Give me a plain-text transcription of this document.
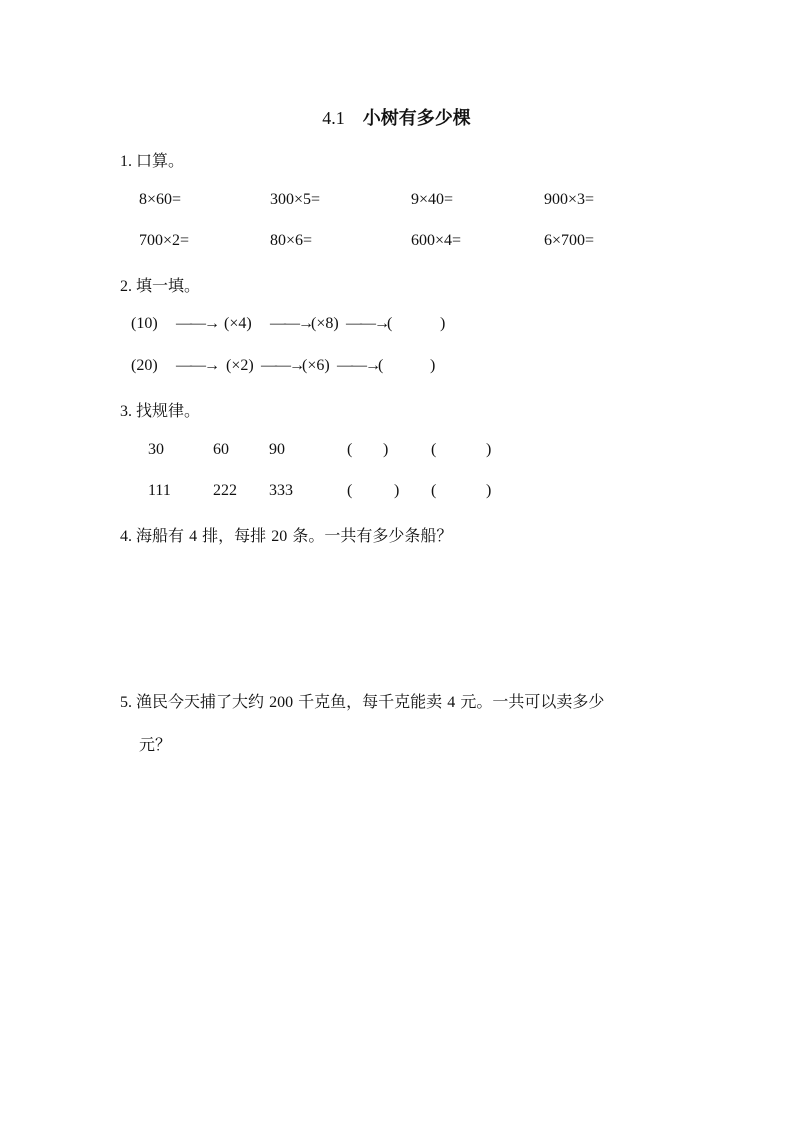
4.1 小树有多少棵
1. 口算。
8×60=	300×5=	9×40=	900×3=
700×2=	80×6=	600×4=	6×700=
2. 填一填。
(10) ——→ (×4) ——→ (×8) ——→ (	)
(20) ——→ (×2) ——→ (×6) ——→ (	)
3. 找规律。
30	60	90	( )	(	)
111	222 333	(	) (	)
4. 海船有 4 排，每排 20 条。一共有多少条船？
5. 渔民今天捕了大约 200 千克鱼，每千克能卖 4 元。一共可以卖多少
元？
